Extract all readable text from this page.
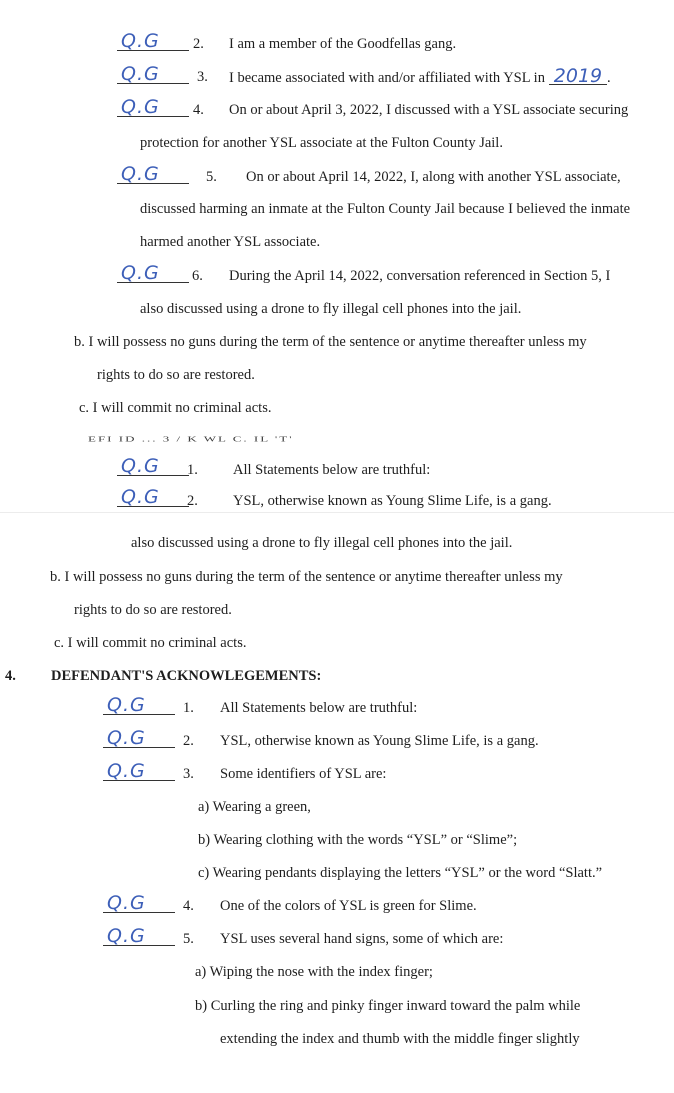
Q.G	2. I am a member of the Goodfellas gang.
Q.G	3. I became associated with and/or affiliated with YSL in 2019 .
Q.G	4. On or about April 3, 2022, I discussed with a YSL associate securing
protection for another YSL associate at the Fulton County Jail.
Q.G	5. On or about April 14, 2022, I, along with another YSL associate,
discussed harming an inmate at the Fulton County Jail because I believed the inmate
harmed another YSL associate.
Q.G	6. During the April 14, 2022, conversation referenced in Section 5, I
also discussed using a drone to fly illegal cell phones into the jail.
b. I will possess no guns during the term of the sentence or anytime thereafter unless my
rights to do so are restored.
c. I will commit no criminal acts.
EFI ID ... 3 / K WL C. IL 'T'
Q.G	1. All Statements below are truthful:
Q.G	2. YSL, otherwise known as Young Slime Life, is a gang.
also discussed using a drone to fly illegal cell phones into the jail.
b. I will possess no guns during the term of the sentence or anytime thereafter unless my
rights to do so are restored.
c. I will commit no criminal acts.
4. DEFENDANT'S ACKNOWLEGEMENTS:
Q.G	1. All Statements below are truthful:
Q.G	2. YSL, otherwise known as Young Slime Life, is a gang.
Q.G	3. Some identifiers of YSL are:
a) Wearing a green,
b) Wearing clothing with the words “YSL” or “Slime”;
c) Wearing pendants displaying the letters “YSL” or the word “Slatt.”
Q.G	4. One of the colors of YSL is green for Slime.
Q.G	5. YSL uses several hand signs, some of which are:
a) Wiping the nose with the index finger;
b) Curling the ring and pinky finger inward toward the palm while
extending the index and thumb with the middle finger slightly
